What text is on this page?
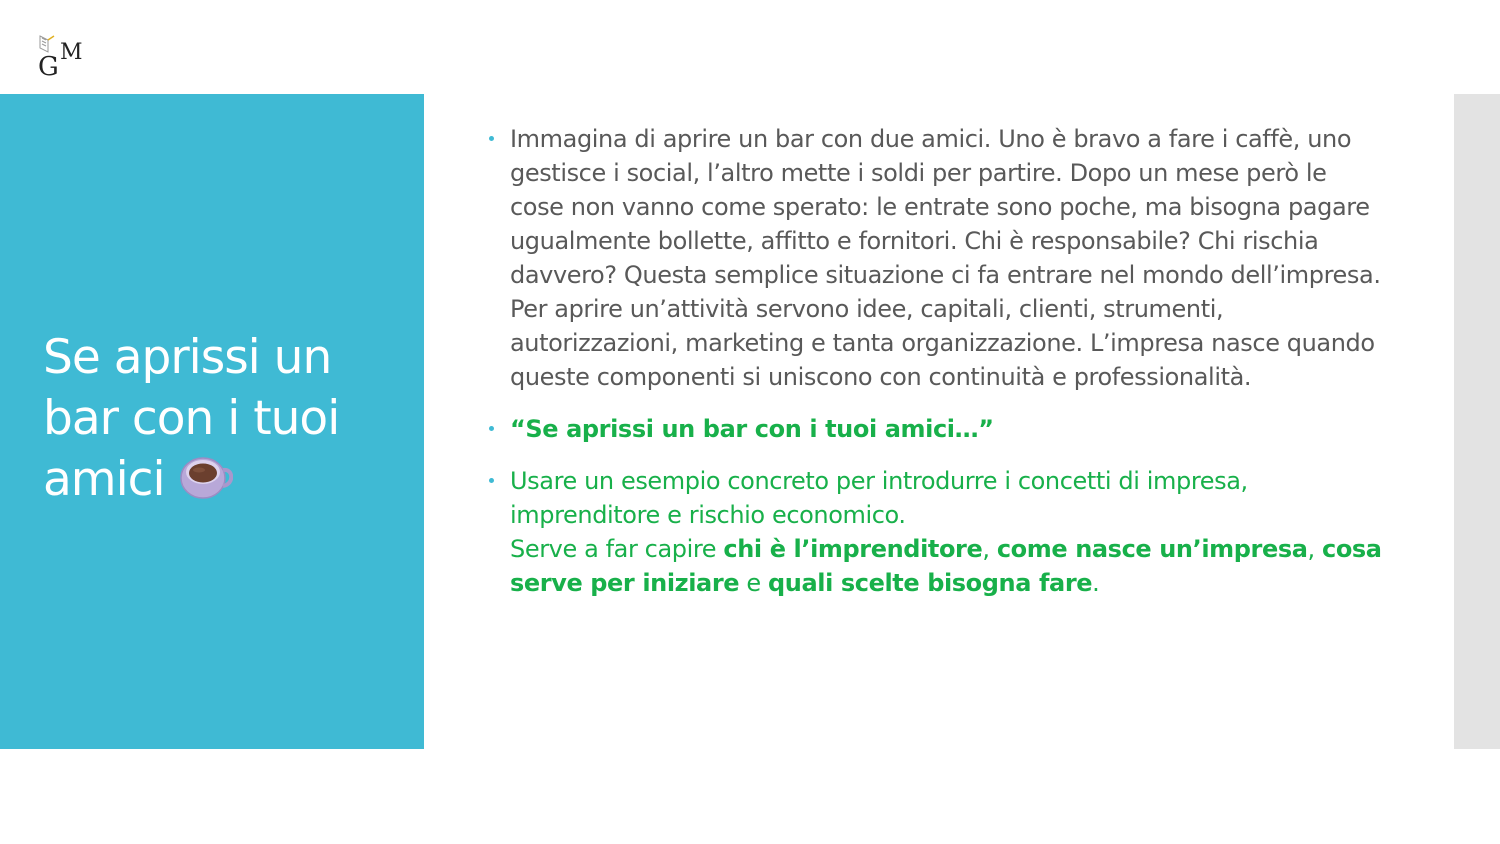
G M
Se aprissi un bar con i tuoi amici
Immagina di aprire un bar con due amici. Uno è bravo a fare i caffè, uno gestisce i social, l’altro mette i soldi per partire. Dopo un mese però le cose non vanno come sperato: le entrate sono poche, ma bisogna pagare ugualmente bollette, affitto e fornitori. Chi è responsabile? Chi rischia davvero? Questa semplice situazione ci fa entrare nel mondo dell’impresa.
Per aprire un’attività servono idee, capitali, clienti, strumenti, autorizzazioni, marketing e tanta organizzazione. L’impresa nasce quando queste componenti si uniscono con continuità e professionalità.
“Se aprissi un bar con i tuoi amici…”
Usare un esempio concreto per introdurre i concetti di impresa, imprenditore e rischio economico.
Serve a far capire chi è l’imprenditore, come nasce un’impresa, cosa serve per iniziare e quali scelte bisogna fare.
